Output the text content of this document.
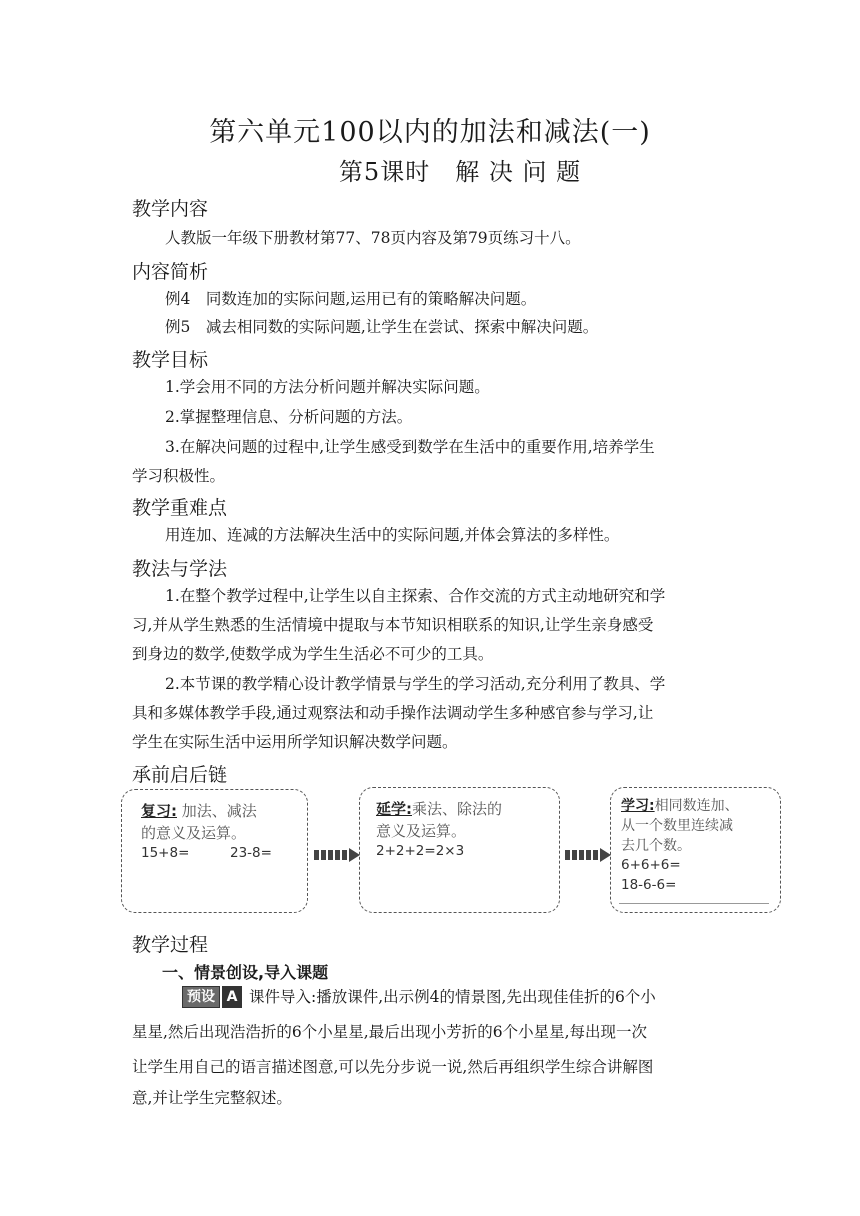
第六单元100以内的加法和减法(一)
第5课时　解 决 问 题
教学内容
人教版一年级下册教材第77、78页内容及第79页练习十八。
内容简析
例4　同数连加的实际问题,运用已有的策略解决问题。
例5　减去相同数的实际问题,让学生在尝试、探索中解决问题。
教学目标
1.学会用不同的方法分析问题并解决实际问题。
2.掌握整理信息、分析问题的方法。
3.在解决问题的过程中,让学生感受到数学在生活中的重要作用,培养学生
学习积极性。
教学重难点
用连加、连减的方法解决生活中的实际问题,并体会算法的多样性。
教法与学法
1.在整个教学过程中,让学生以自主探索、合作交流的方式主动地研究和学
习,并从学生熟悉的生活情境中提取与本节知识相联系的知识,让学生亲身感受
到身边的数学,使数学成为学生生活必不可少的工具。
2.本节课的教学精心设计教学情景与学生的学习活动,充分利用了教具、学
具和多媒体教学手段,通过观察法和动手操作法调动学生多种感官参与学习,让
学生在实际生活中运用所学知识解决数学问题。
承前启后链
复习: 加法、减法
的意义及运算。
15+8=	23-8=
延学:乘法、除法的
意义及运算。
2+2+2=2×3
学习:相同数连加、
从一个数里连续减
去几个数。
6+6+6=
18-6-6=
教学过程
一、情景创设,导入课题
预设 A 课件导入:播放课件,出示例4的情景图,先出现佳佳折的6个小
星星,然后出现浩浩折的6个小星星,最后出现小芳折的6个小星星,每出现一次
让学生用自己的语言描述图意,可以先分步说一说,然后再组织学生综合讲解图
意,并让学生完整叙述。
